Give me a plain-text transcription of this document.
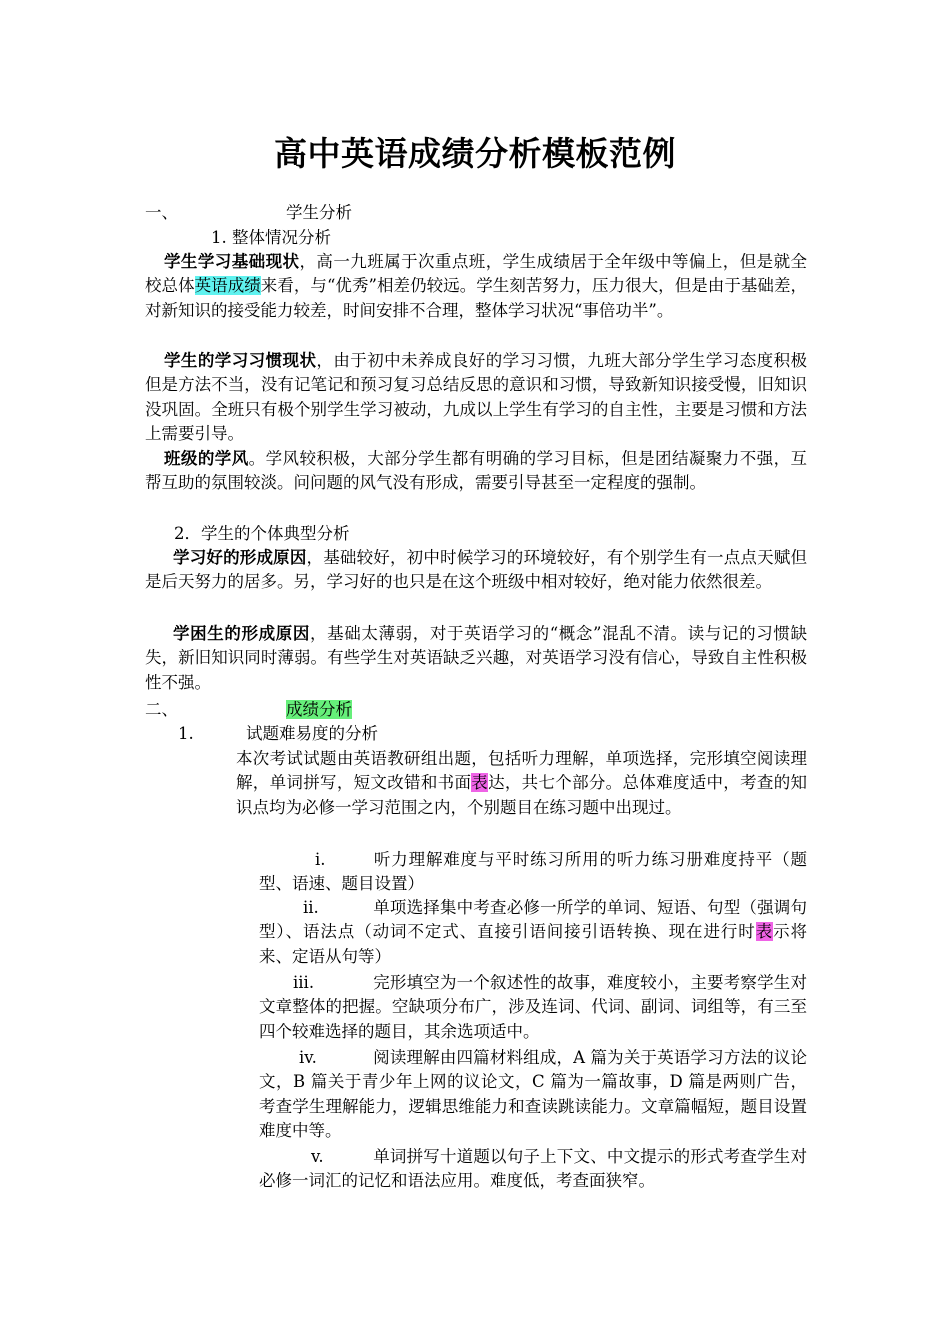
高中英语成绩分析模板范例
一、	学生分析
1. 整体情况分析

学生学习基础现状，高一九班属于次重点班，学生成绩居于全年级中等偏上，但是就全校总体英语成绩来看，与“优秀”相差仍较远。学生刻苦努力，压力很大，但是由于基础差，对新知识的接受能力较差，时间安排不合理，整体学习状况“事倍功半”。

学生的学习习惯现状，由于初中未养成良好的学习习惯，九班大部分学生学习态度积极但是方法不当，没有记笔记和预习复习总结反思的意识和习惯，导致新知识接受慢，旧知识没巩固。全班只有极个别学生学习被动，九成以上学生有学习的自主性，主要是习惯和方法上需要引导。

班级的学风。学风较积极，大部分学生都有明确的学习目标，但是团结凝聚力不强，互帮互助的氛围较淡。问问题的风气没有形成，需要引导甚至一定程度的强制。

2．学生的个体典型分析

学习好的形成原因，基础较好，初中时候学习的环境较好，有个别学生有一点点天赋但是后天努力的居多。另，学习好的也只是在这个班级中相对较好，绝对能力依然很差。

学困生的形成原因，基础太薄弱，对于英语学习的“概念”混乱不清。读与记的习惯缺失，新旧知识同时薄弱。有些学生对英语缺乏兴趣，对英语学习没有信心，导致自主性积极性不强。

二、	成绩分析
1.	试题难易度的分析

本次考试试题由英语教研组出题，包括听力理解，单项选择，完形填空阅读理解，单词拼写，短文改错和书面表达，共七个部分。总体难度适中，考查的知识点均为必修一学习范围之内，个别题目在练习题中出现过。

i.	听力理解难度与平时练习所用的听力练习册难度持平（题型、语速、题目设置）

ii.	单项选择集中考查必修一所学的单词、短语、句型（强调句型）、语法点（动词不定式、直接引语间接引语转换、现在进行时表示将来、定语从句等）

iii.	完形填空为一个叙述性的故事，难度较小，主要考察学生对文章整体的把握。空缺项分布广，涉及连词、代词、副词、词组等，有三至四个较难选择的题目，其余选项适中。

iv.	阅读理解由四篇材料组成，A 篇为关于英语学习方法的议论文，B 篇关于青少年上网的议论文，C 篇为一篇故事，D 篇是两则广告，考查学生理解能力，逻辑思维能力和查读跳读能力。文章篇幅短，题目设置难度中等。

v.	单词拼写十道题以句子上下文、中文提示的形式考查学生对必修一词汇的记忆和语法应用。难度低，考查面狭窄。
